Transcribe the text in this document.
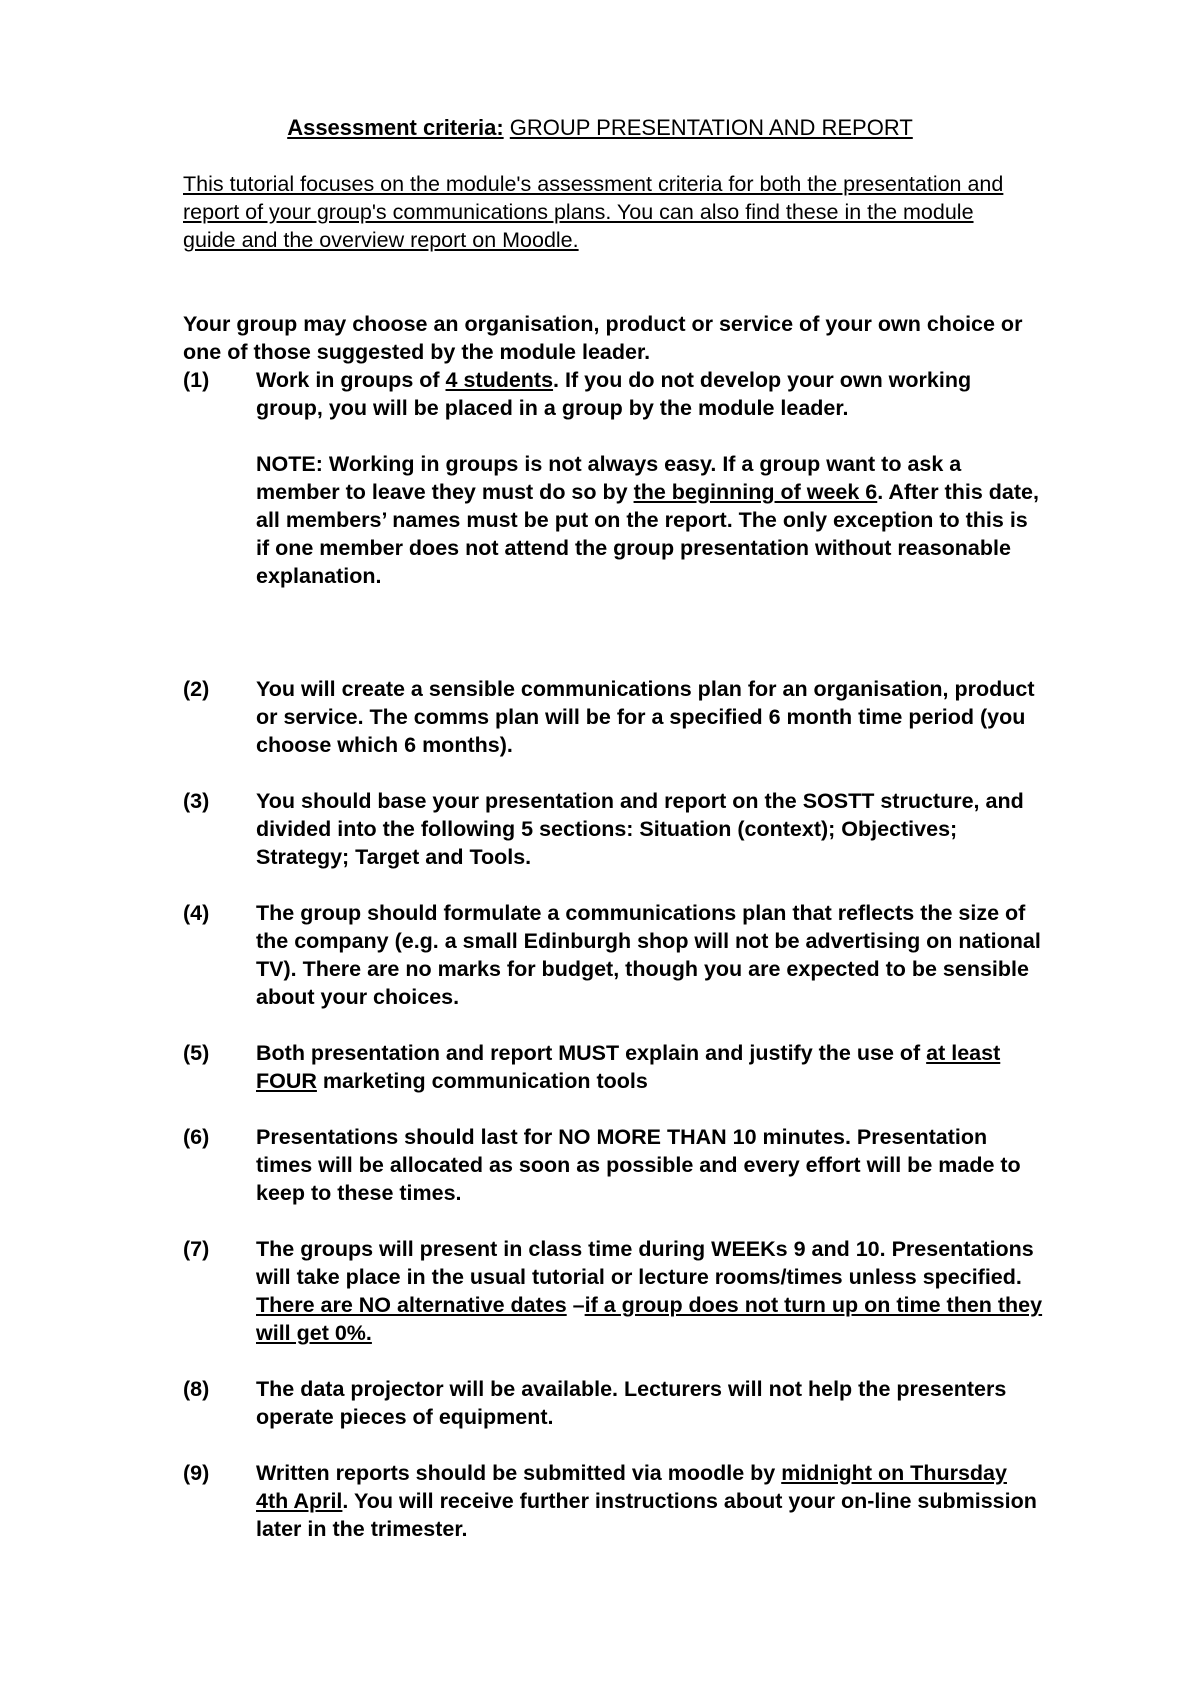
Assessment criteria: GROUP PRESENTATION AND REPORT
This tutorial focuses on the module's assessment criteria for both the presentation and report of your group's communications plans. You can also find these in the module guide and the overview report on Moodle.
Your group may choose an organisation, product or service of your own choice or one of those suggested by the module leader.
(1)	Work in groups of 4 students. If you do not develop your own working group, you will be placed in a group by the module leader.
NOTE: Working in groups is not always easy. If a group want to ask a member to leave they must do so by the beginning of week 6. After this date, all members’ names must be put on the report. The only exception to this is if one member does not attend the group presentation without reasonable explanation.
(2)	You will create a sensible communications plan for an organisation, product or service. The comms plan will be for a specified 6 month time period (you choose which 6 months).
(3)	You should base your presentation and report on the SOSTT structure, and divided into the following 5 sections: Situation (context); Objectives; Strategy; Target and Tools.
(4)	The group should formulate a communications plan that reflects the size of the company (e.g. a small Edinburgh shop will not be advertising on national TV). There are no marks for budget, though you are expected to be sensible about your choices.
(5)	Both presentation and report MUST explain and justify the use of at least FOUR marketing communication tools
(6)	Presentations should last for NO MORE THAN 10 minutes. Presentation times will be allocated as soon as possible and every effort will be made to keep to these times.
(7)	The groups will present in class time during WEEKs 9 and 10. Presentations will take place in the usual tutorial or lecture rooms/times unless specified. There are NO alternative dates –if a group does not turn up on time then they will get 0%.
(8)	The data projector will be available. Lecturers will not help the presenters operate pieces of equipment.
(9)	Written reports should be submitted via moodle by midnight on Thursday 4th April. You will receive further instructions about your on-line submission later in the trimester.
